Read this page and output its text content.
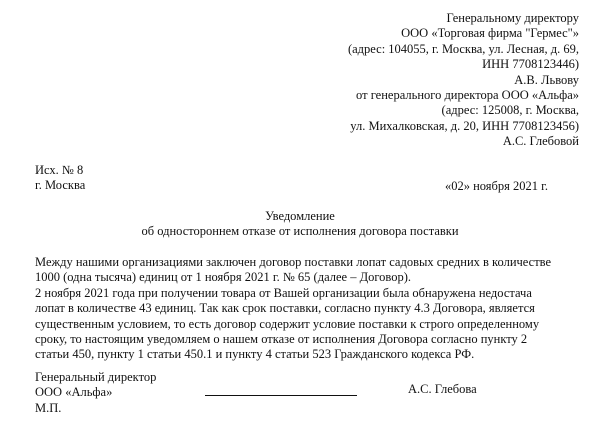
Генеральному директору
ООО «Торговая фирма "Гермес"»
(адрес: 104055, г. Москва, ул. Лесная, д. 69,
ИНН 7708123446)
А.В. Львову
от генерального директора ООО «Альфа»
(адрес: 125008, г. Москва,
ул. Михалковская, д. 20, ИНН 7708123456)
А.С. Глебовой
Исх. № 8
г. Москва	«02» ноября 2021 г.
Уведомление
об одностороннем отказе от исполнения договора поставки
Между нашими организациями заключен договор поставки лопат садовых средних в количестве
1000 (одна тысяча) единиц от 1 ноября 2021 г. № 65 (далее – Договор).
2 ноября 2021 года при получении товара от Вашей организации была обнаружена недостача
лопат в количестве 43 единиц. Так как срок поставки, согласно пункту 4.3 Договора, является
существенным условием, то есть договор содержит условие поставки к строго определенному
сроку, то настоящим уведомляем о нашем отказе от исполнения Договора согласно пункту 2
статьи 450, пункту 1 статьи 450.1 и пункту 4 статьи 523 Гражданского кодекса РФ.
Генеральный директор
ООО «Альфа»
М.П.
А.С. Глебова
